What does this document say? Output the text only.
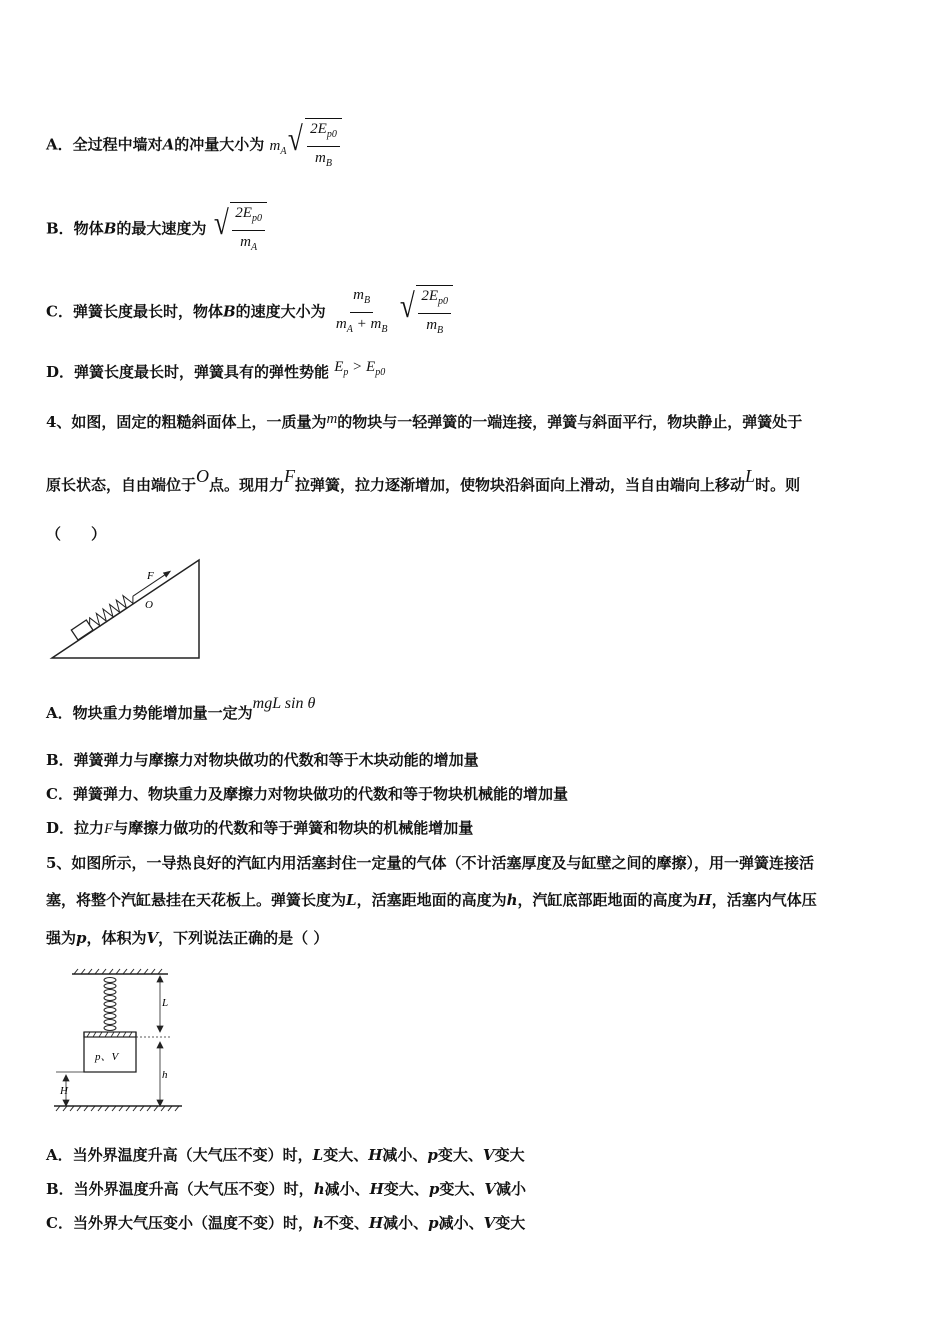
A．全过程中墙对A的冲量大小为 $m_A$ √ $\frac{2E_{p0}}{m_B}$
B．物体B的最大速度为 √ $\frac{2E_{p0}}{m_A}$
C．弹簧长度最长时，物体B的速度大小为 $\frac{m_B}{m_A + m_B}$
√ $\frac{2E_{p0}}{m_B}$
D．弹簧长度最长时，弹簧具有的弹性势能 $E_p > E_{p0}$
4、如图，固定的粗糙斜面体上，一质量为m的物块与一轻弹簧的一端连接，弹簧与斜面平行，物块静止，弹簧处于
原长状态，自由端位于O点。现用力F拉弹簧，拉力逐渐增加，使物块沿斜面向上滑动，当自由端向上移动L时。则
（　　）
F
O
A．物块重力势能增加量一定为mgL sin θ
B．弹簧弹力与摩擦力对物块做功的代数和等于木块动能的增加量
C．弹簧弹力、物块重力及摩擦力对物块做功的代数和等于物块机械能的增加量
D．拉力F与摩擦力做功的代数和等于弹簧和物块的机械能增加量
5、如图所示，一导热良好的汽缸内用活塞封住一定量的气体（不计活塞厚度及与缸壁之间的摩擦），用一弹簧连接活
塞，将整个汽缸悬挂在天花板上。弹簧长度为L，活塞距地面的高度为h，汽缸底部距地面的高度为H，活塞内气体压
强为p，体积为V，下列说法正确的是（ ）
p、V
L
h
H
A．当外界温度升高（大气压不变）时，L变大、H减小、p变大、V变大
B．当外界温度升高（大气压不变）时，h减小、H变大、p变大、V减小
C．当外界大气压变小（温度不变）时，h不变、H减小、p减小、V变大
